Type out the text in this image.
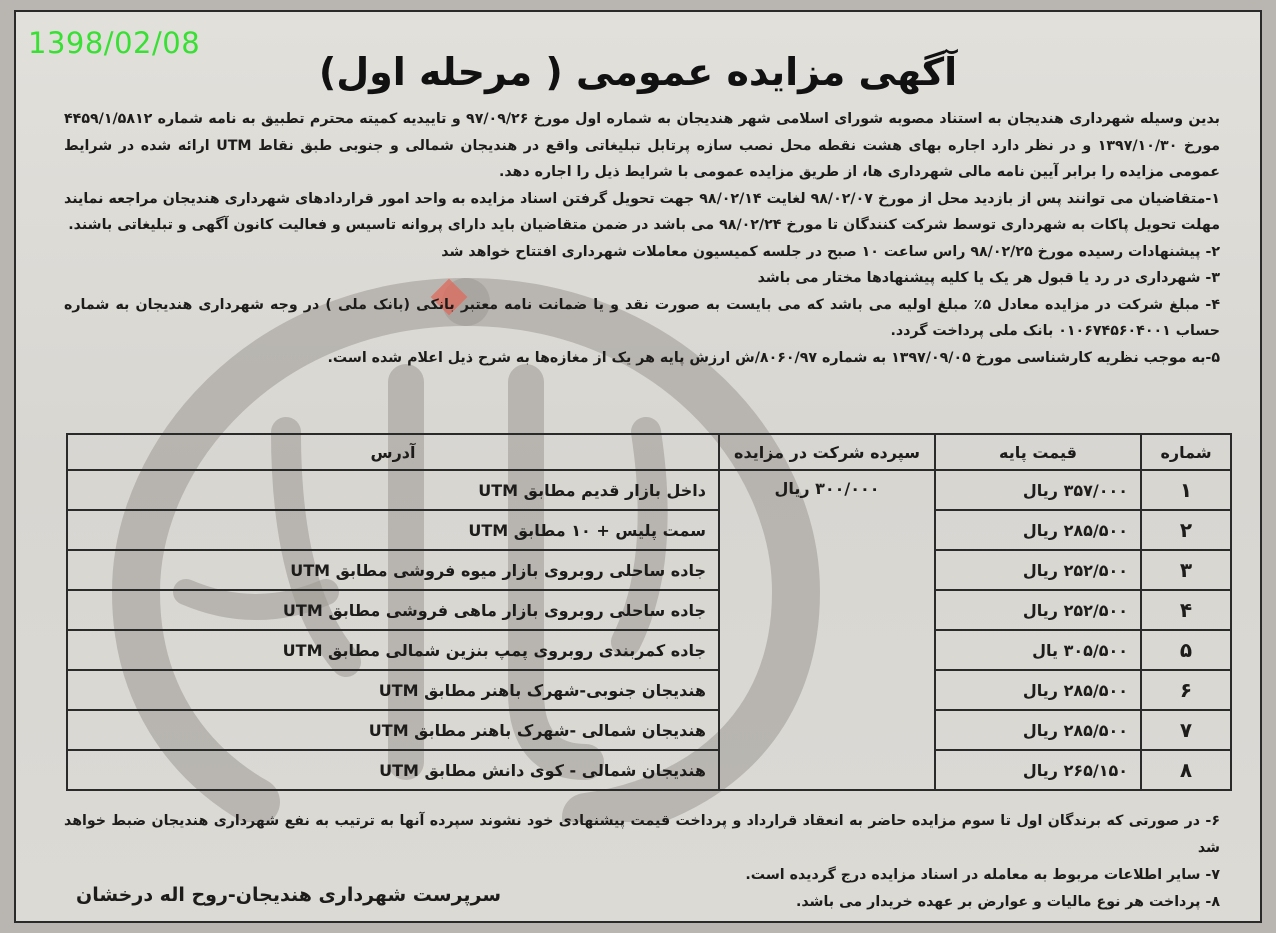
1398/02/08
آگهی مزایده عمومی ( مرحله اول)

بدین وسیله شهرداری هندیجان به استناد مصوبه شورای اسلامی شهر هندیجان به شماره اول مورخ ۹۷/۰۹/۲۶ و تاییدیه کمیته محترم تطبیق به نامه شماره ۴۴۵۹/۱/۵۸۱۲ مورخ ۱۳۹۷/۱۰/۳۰ و در نظر دارد اجاره بهای هشت نقطه محل نصب سازه پرتابل تبلیغاتی واقع در هندیجان شمالی و جنوبی طبق نقاط UTM ارائه شده در شرایط عمومی مزایده را برابر آیین نامه مالی شهرداری ها، از طریق مزایده عمومی با شرایط ذیل را اجاره دهد.

۱-متقاضیان می توانند پس از بازدید محل از مورخ ۹۸/۰۲/۰۷ لغایت ۹۸/۰۲/۱۴ جهت تحویل گرفتن اسناد مزایده به واحد امور قراردادهای شهرداری هندیجان مراجعه نمایند مهلت تحویل پاکات به شهرداری توسط شرکت کنندگان تا مورخ ۹۸/۰۲/۲۴ می باشد در ضمن متقاضیان باید دارای پروانه تاسیس و فعالیت کانون آگهی و تبلیغاتی باشند.

۲- پیشنهادات رسیده مورخ ۹۸/۰۲/۲۵ راس ساعت ۱۰ صبح در جلسه کمیسیون معاملات شهرداری افتتاح خواهد شد

۳- شهرداری در رد یا قبول هر یک یا کلیه پیشنهادها مختار می باشد

۴- مبلغ شرکت در مزایده معادل ۵٪ مبلغ اولیه می باشد که می بایست به صورت نقد و یا ضمانت نامه معتبر بانکی (بانک ملی ) در وجه شهرداری هندیجان به شماره حساب ۰۱۰۶۷۴۵۶۰۴۰۰۱ بانک ملی پرداخت گردد.

۵-به موجب نظریه کارشناسی مورخ ۱۳۹۷/۰۹/۰۵ به شماره ۸۰۶۰/۹۷/ش ارزش پایه هر یک از مغازه‌ها به شرح ذیل اعلام شده است.

شماره	قیمت پایه	سپرده شرکت در مزایده	آدرس
۱	۳۵۷/۰۰۰ ریال	۳۰۰/۰۰۰ ریال	داخل بازار قدیم مطابق UTM
۲	۲۸۵/۵۰۰ ریال		سمت پلیس + ۱۰ مطابق UTM
۳	۲۵۲/۵۰۰ ریال		جاده ساحلی روبروی بازار میوه فروشی مطابق UTM
۴	۲۵۲/۵۰۰ ریال		جاده ساحلی روبروی بازار ماهی فروشی مطابق UTM
۵	۳۰۵/۵۰۰ یال		جاده کمربندی روبروی پمپ بنزین شمالی مطابق UTM
۶	۲۸۵/۵۰۰ ریال		هندیجان جنوبی-شهرک باهنر مطابق UTM
۷	۲۸۵/۵۰۰ ریال		هندیجان شمالی -شهرک باهنر مطابق UTM
۸	۲۶۵/۱۵۰ ریال		هندیجان شمالی - کوی دانش مطابق UTM

۶- در صورتی که برندگان اول تا سوم مزایده حاضر به انعقاد قرارداد و پرداخت قیمت پیشنهادی خود نشوند سپرده آنها به ترتیب به نفع شهرداری هندیجان ضبط خواهد شد

۷- سایر اطلاعات مربوط به معامله در اسناد مزایده درج گردیده است.

۸- پرداخت هر نوع مالیات و عوارض بر عهده خریدار می باشد.

سرپرست شهرداری هندیجان-روح اله درخشان
